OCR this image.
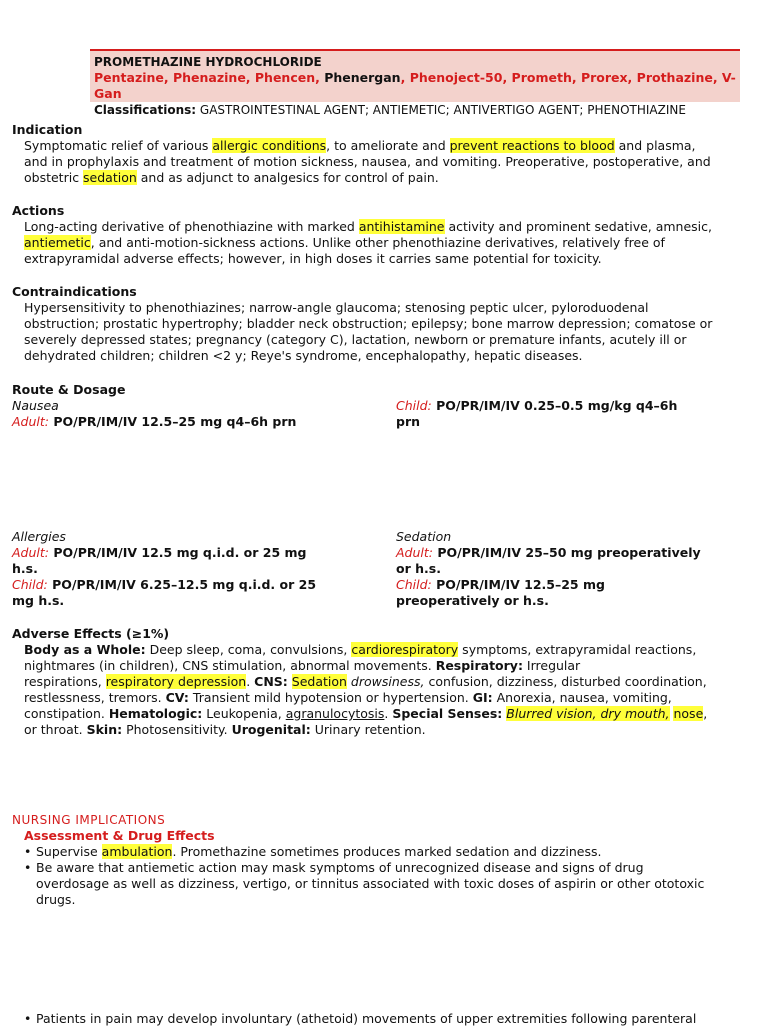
PROMETHAZINE HYDROCHLORIDE
Pentazine, Phenazine, Phencen, Phenergan, Phenoject-50, Prometh, Prorex, Prothazine, V-Gan
Classifications: GASTROINTESTINAL AGENT; ANTIEMETIC; ANTIVERTIGO AGENT; PHENOTHIAZINE
Indication
Symptomatic relief of various allergic conditions, to ameliorate and prevent reactions to blood and plasma,
and in prophylaxis and treatment of motion sickness, nausea, and vomiting. Preoperative, postoperative, and
obstetric sedation and as adjunct to analgesics for control of pain.
Actions
Long-acting derivative of phenothiazine with marked antihistamine activity and prominent sedative, amnesic,
antiemetic, and anti-motion-sickness actions. Unlike other phenothiazine derivatives, relatively free of
extrapyramidal adverse effects; however, in high doses it carries same potential for toxicity.
Contraindications
Hypersensitivity to phenothiazines; narrow-angle glaucoma; stenosing peptic ulcer, pyloroduodenal
obstruction; prostatic hypertrophy; bladder neck obstruction; epilepsy; bone marrow depression; comatose or
severely depressed states; pregnancy (category C), lactation, newborn or premature infants, acutely ill or
dehydrated children; children <2 y; Reye's syndrome, encephalopathy, hepatic diseases.
Route & Dosage
Nausea
Adult: PO/PR/IM/IV 12.5–25 mg q4–6h prn
Child: PO/PR/IM/IV 0.25–0.5 mg/kg q4–6h
prn
Allergies
Adult: PO/PR/IM/IV 12.5 mg q.i.d. or 25 mg
h.s.
Child: PO/PR/IM/IV 6.25–12.5 mg q.i.d. or 25
mg h.s.
Sedation
Adult: PO/PR/IM/IV 25–50 mg preoperatively
or h.s.
Child: PO/PR/IM/IV 12.5–25 mg
preoperatively or h.s.
Adverse Effects (≥1%)
Body as a Whole: Deep sleep, coma, convulsions, cardiorespiratory symptoms, extrapyramidal reactions,
nightmares (in children), CNS stimulation, abnormal movements. Respiratory: Irregular
respirations, respiratory depression. CNS: Sedation drowsiness, confusion, dizziness, disturbed coordination,
restlessness, tremors. CV: Transient mild hypotension or hypertension. GI: Anorexia, nausea, vomiting,
constipation. Hematologic: Leukopenia, agranulocytosis. Special Senses: Blurred vision, dry mouth, nose,
or throat. Skin: Photosensitivity. Urogenital: Urinary retention.
NURSING IMPLICATIONS
Assessment & Drug Effects
• Supervise ambulation. Promethazine sometimes produces marked sedation and dizziness.
• Be aware that antiemetic action may mask symptoms of unrecognized disease and signs of drug
overdosage as well as dizziness, vertigo, or tinnitus associated with toxic doses of aspirin or other ototoxic
drugs.
• Patients in pain may develop involuntary (athetoid) movements of upper extremities following parenteral
